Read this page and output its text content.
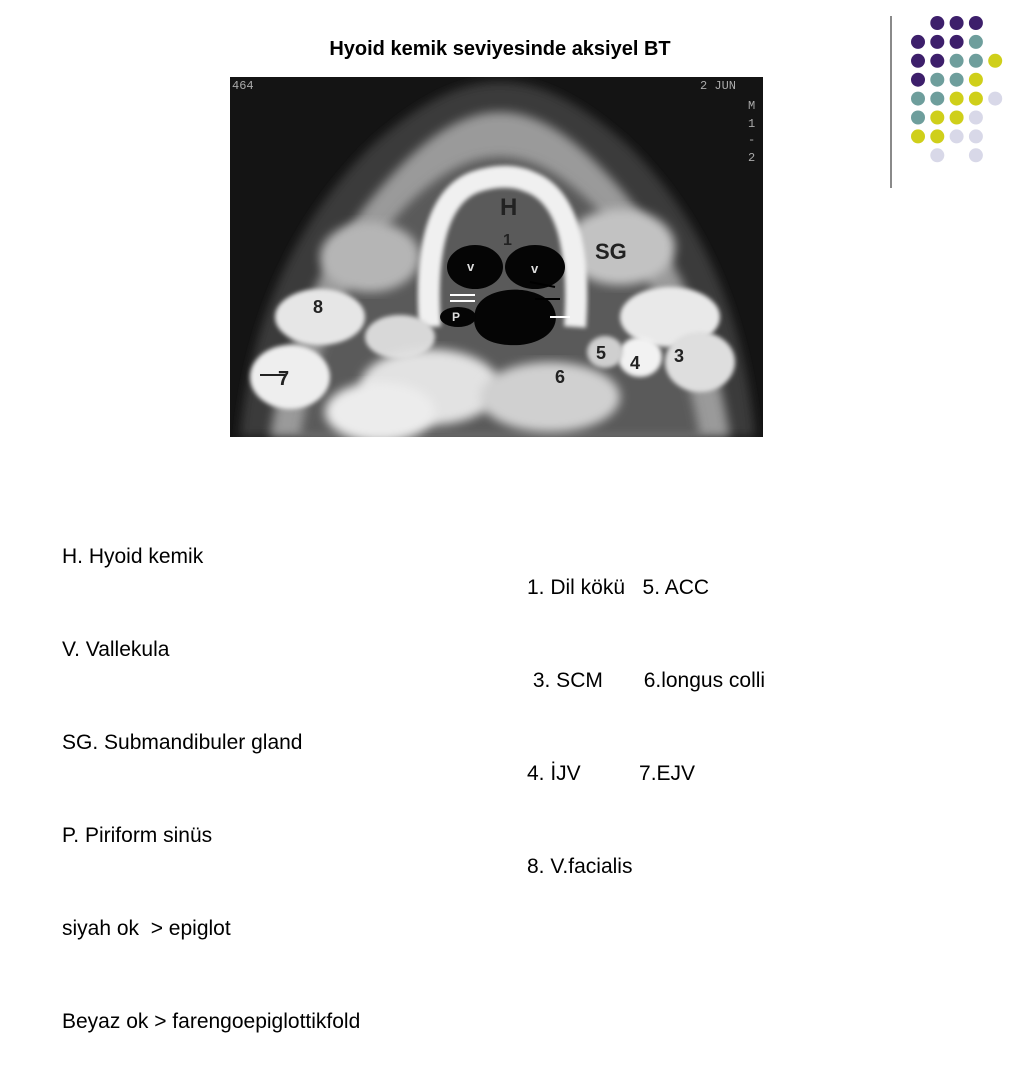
Hyoid kemik seviyesinde aksiyel BT
464	2 JUN
M
1
-
2
H
1	SG
v	v
P
8
7	6
5 4 3

H. Hyoid kemik

V. Vallekula

SG. Submandibuler gland

P. Piriform sinüs

siyah ok  > epiglot

Beyaz ok > farengoepiglottikfold

1. Dil kökü   5. ACC

3. SCM       6.longus colli

4. İJV          7.EJV

8. V.facialis
